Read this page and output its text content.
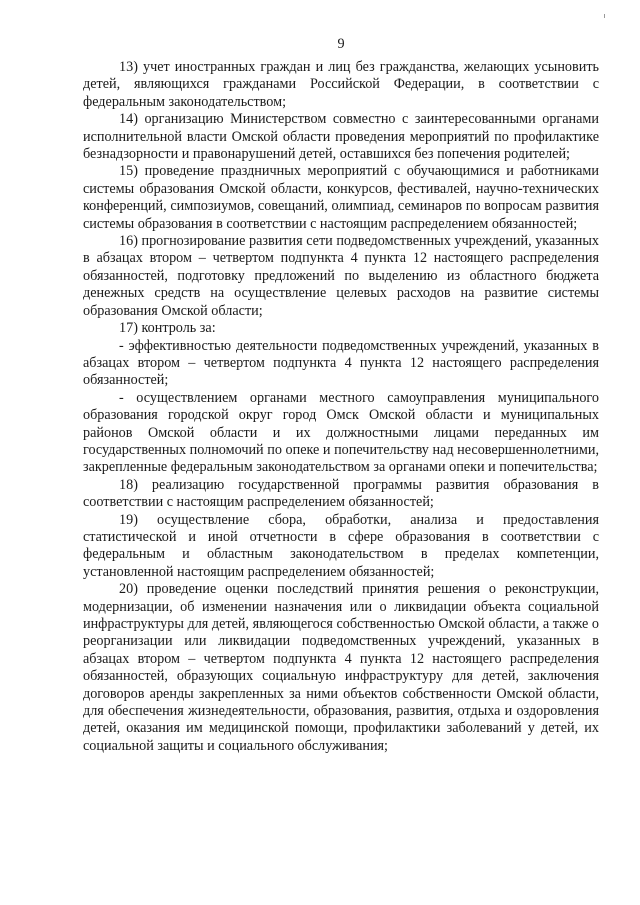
9

13) учет иностранных граждан и лиц без гражданства, желающих усыновить детей, являющихся гражданами Российской Федерации, в соответствии с федеральным законодательством;

14) организацию Министерством совместно с заинтересованными органами исполнительной власти Омской области проведения мероприятий по профилактике безнадзорности и правонарушений детей, оставшихся без попечения родителей;

15) проведение праздничных мероприятий с обучающимися и работниками системы образования Омской области, конкурсов, фестивалей, научно-технических конференций, симпозиумов, совещаний, олимпиад, семинаров по вопросам развития системы образования в соответствии с настоящим распределением обязанностей;

16) прогнозирование развития сети подведомственных учреждений, указанных в абзацах втором – четвертом подпункта 4 пункта 12 настоящего распределения обязанностей, подготовку предложений по выделению из областного бюджета денежных средств на осуществление целевых расходов на развитие системы образования Омской области;

17) контроль за:

- эффективностью деятельности подведомственных учреждений, указанных в абзацах втором – четвертом подпункта 4 пункта 12 настоящего распределения обязанностей;

- осуществлением органами местного самоуправления муниципального образования городской округ город Омск Омской области и муниципальных районов Омской области и их должностными лицами переданных им государственных полномочий по опеке и попечительству над несовершеннолетними, закрепленные федеральным законодательством за органами опеки и попечительства;

18) реализацию государственной программы развития образования в соответствии с настоящим распределением обязанностей;

19) осуществление сбора, обработки, анализа и предоставления статистической и иной отчетности в сфере образования в соответствии с федеральным и областным законодательством в пределах компетенции, установленной настоящим распределением обязанностей;

20) проведение оценки последствий принятия решения о реконструкции, модернизации, об изменении назначения или о ликвидации объекта социальной инфраструктуры для детей, являющегося собственностью Омской области, а также о реорганизации или ликвидации подведомственных учреждений, указанных в абзацах втором – четвертом подпункта 4 пункта 12 настоящего распределения обязанностей, образующих социальную инфраструктуру для детей, заключения договоров аренды закрепленных за ними объектов собственности Омской области, для обеспечения жизнедеятельности, образования, развития, отдыха и оздоровления детей, оказания им медицинской помощи, профилактики заболеваний у детей, их социальной защиты и социального обслуживания;
